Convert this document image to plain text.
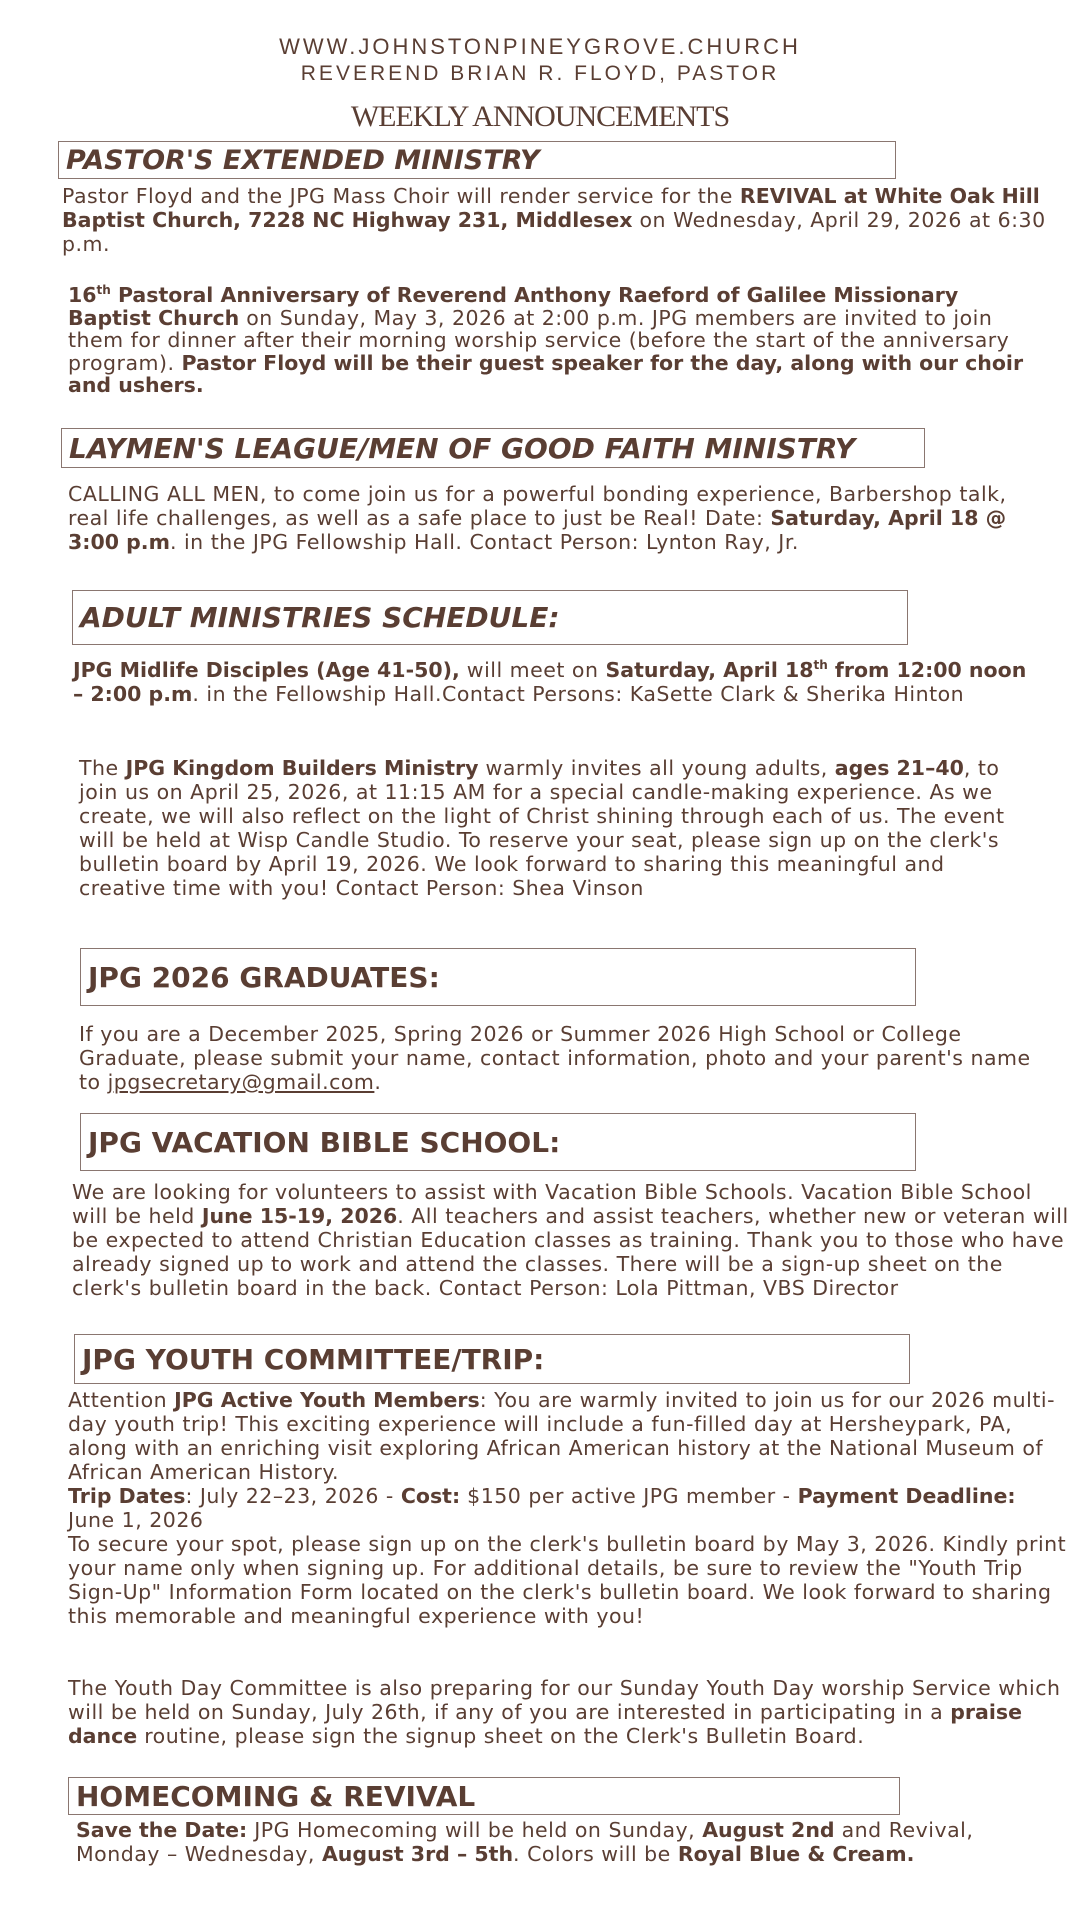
WWW.JOHNSTONPINEYGROVE.CHURCH
REVEREND BRIAN R. FLOYD, PASTOR
WEEKLY ANNOUNCEMENTS
PASTOR'S EXTENDED MINISTRY

Pastor Floyd and the JPG Mass Choir will render service for the REVIVAL at White Oak Hill Baptist Church, 7228 NC Highway 231, Middlesex on Wednesday, April 29, 2026 at 6:30 p.m.

16th Pastoral Anniversary of Reverend Anthony Raeford of Galilee Missionary Baptist Church on Sunday, May 3, 2026 at 2:00 p.m. JPG members are invited to join them for dinner after their morning worship service (before the start of the anniversary program). Pastor Floyd will be their guest speaker for the day, along with our choir and ushers.

LAYMEN'S LEAGUE/MEN OF GOOD FAITH MINISTRY

CALLING ALL MEN, to come join us for a powerful bonding experience, Barbershop talk, real life challenges, as well as a safe place to just be Real! Date: Saturday, April 18 @ 3:00 p.m. in the JPG Fellowship Hall. Contact Person: Lynton Ray, Jr.

ADULT MINISTRIES SCHEDULE:

JPG Midlife Disciples (Age 41-50), will meet on Saturday, April 18th from 12:00 noon – 2:00 p.m. in the Fellowship Hall.Contact Persons: KaSette Clark & Sherika Hinton

The JPG Kingdom Builders Ministry warmly invites all young adults, ages 21–40, to join us on April 25, 2026, at 11:15 AM for a special candle-making experience. As we create, we will also reflect on the light of Christ shining through each of us. The event will be held at Wisp Candle Studio. To reserve your seat, please sign up on the clerk's bulletin board by April 19, 2026. We look forward to sharing this meaningful and creative time with you! Contact Person: Shea Vinson

JPG 2026 GRADUATES:

If you are a December 2025, Spring 2026 or Summer 2026 High School or College Graduate, please submit your name, contact information, photo and your parent's name to jpgsecretary@gmail.com.

JPG VACATION BIBLE SCHOOL:

We are looking for volunteers to assist with Vacation Bible Schools. Vacation Bible School will be held June 15-19, 2026. All teachers and assist teachers, whether new or veteran will be expected to attend Christian Education classes as training. Thank you to those who have already signed up to work and attend the classes. There will be a sign-up sheet on the clerk's bulletin board in the back. Contact Person: Lola Pittman, VBS Director

JPG YOUTH COMMITTEE/TRIP:

Attention JPG Active Youth Members: You are warmly invited to join us for our 2026 multi-day youth trip! This exciting experience will include a fun-filled day at Hersheypark, PA, along with an enriching visit exploring African American history at the National Museum of African American History.

Trip Dates: July 22–23, 2026 - Cost: $150 per active JPG member - Payment Deadline: June 1, 2026

To secure your spot, please sign up on the clerk's bulletin board by May 3, 2026. Kindly print your name only when signing up. For additional details, be sure to review the "Youth Trip Sign-Up" Information Form located on the clerk's bulletin board. We look forward to sharing this memorable and meaningful experience with you!

The Youth Day Committee is also preparing for our Sunday Youth Day worship Service which will be held on Sunday, July 26th, if any of you are interested in participating in a praise dance routine, please sign the signup sheet on the Clerk's Bulletin Board.

HOMECOMING & REVIVAL

Save the Date: JPG Homecoming will be held on Sunday, August 2nd and Revival, Monday – Wednesday, August 3rd – 5th. Colors will be Royal Blue & Cream.
